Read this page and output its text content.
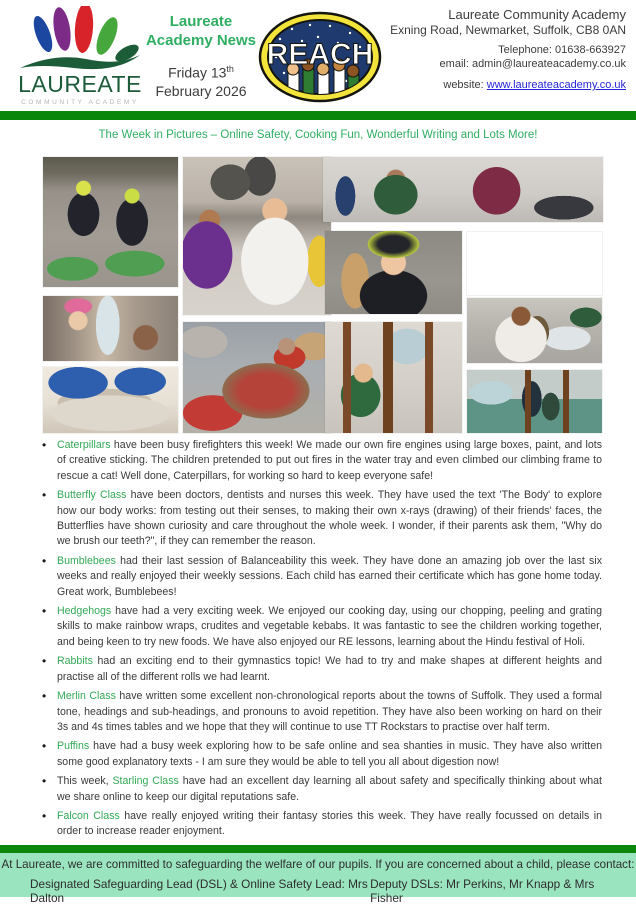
LAUREATE
COMMUNITY ACADEMY
Laureate Academy News
Friday 13th
February 2026
REACH
Laureate Community Academy
Exning Road, Newmarket, Suffolk, CB8 0AN
Telephone: 01638-663927
email: admin@laureateacademy.co.uk
website: www.laureateacademy.co.uk
The Week in Pictures – Online Safety, Cooking Fun, Wonderful Writing and Lots More!
• Caterpillars have been busy firefighters this week! We made our own fire engines using large boxes, paint, and lots of creative sticking. The children pretended to put out fires in the water tray and even climbed our climbing frame to rescue a cat! Well done, Caterpillars, for working so hard to keep everyone safe!
• Butterfly Class have been doctors, dentists and nurses this week. They have used the text 'The Body' to explore how our body works: from testing out their senses, to making their own x-rays (drawing) of their friends' faces, the Butterflies have shown curiosity and care throughout the whole week. I wonder, if their parents ask them, "Why do we brush our teeth?", if they can remember the reason.
• Bumblebees had their last session of Balanceability this week. They have done an amazing job over the last six weeks and really enjoyed their weekly sessions. Each child has earned their certificate which has gone home today. Great work, Bumblebees!
• Hedgehogs have had a very exciting week. We enjoyed our cooking day, using our chopping, peeling and grating skills to make rainbow wraps, crudites and vegetable kebabs. It was fantastic to see the children working together, and being keen to try new foods. We have also enjoyed our RE lessons, learning about the Hindu festival of Holi.
• Rabbits had an exciting end to their gymnastics topic! We had to try and make shapes at different heights and practise all of the different rolls we had learnt.
• Merlin Class have written some excellent non-chronological reports about the towns of Suffolk. They used a formal tone, headings and sub-headings, and pronouns to avoid repetition. They have also been working on hard on their 3s and 4s times tables and we hope that they will continue to use TT Rockstars to practise over half term.
• Puffins have had a busy week exploring how to be safe online and sea shanties in music. They have also written some good explanatory texts - I am sure they would be able to tell you all about digestion now!
• This week, Starling Class have had an excellent day learning all about safety and specifically thinking about what we share online to keep our digital reputations safe.
• Falcon Class have really enjoyed writing their fantasy stories this week. They have really focussed on details in order to increase reader enjoyment.
•
At Laureate, we are committed to safeguarding the welfare of our pupils. If you are concerned about a child, please contact:
Designated Safeguarding Lead (DSL) & Online Safety Lead: Mrs Dalton
Deputy DSLs: Mr Perkins, Mr Knapp & Mrs Fisher
